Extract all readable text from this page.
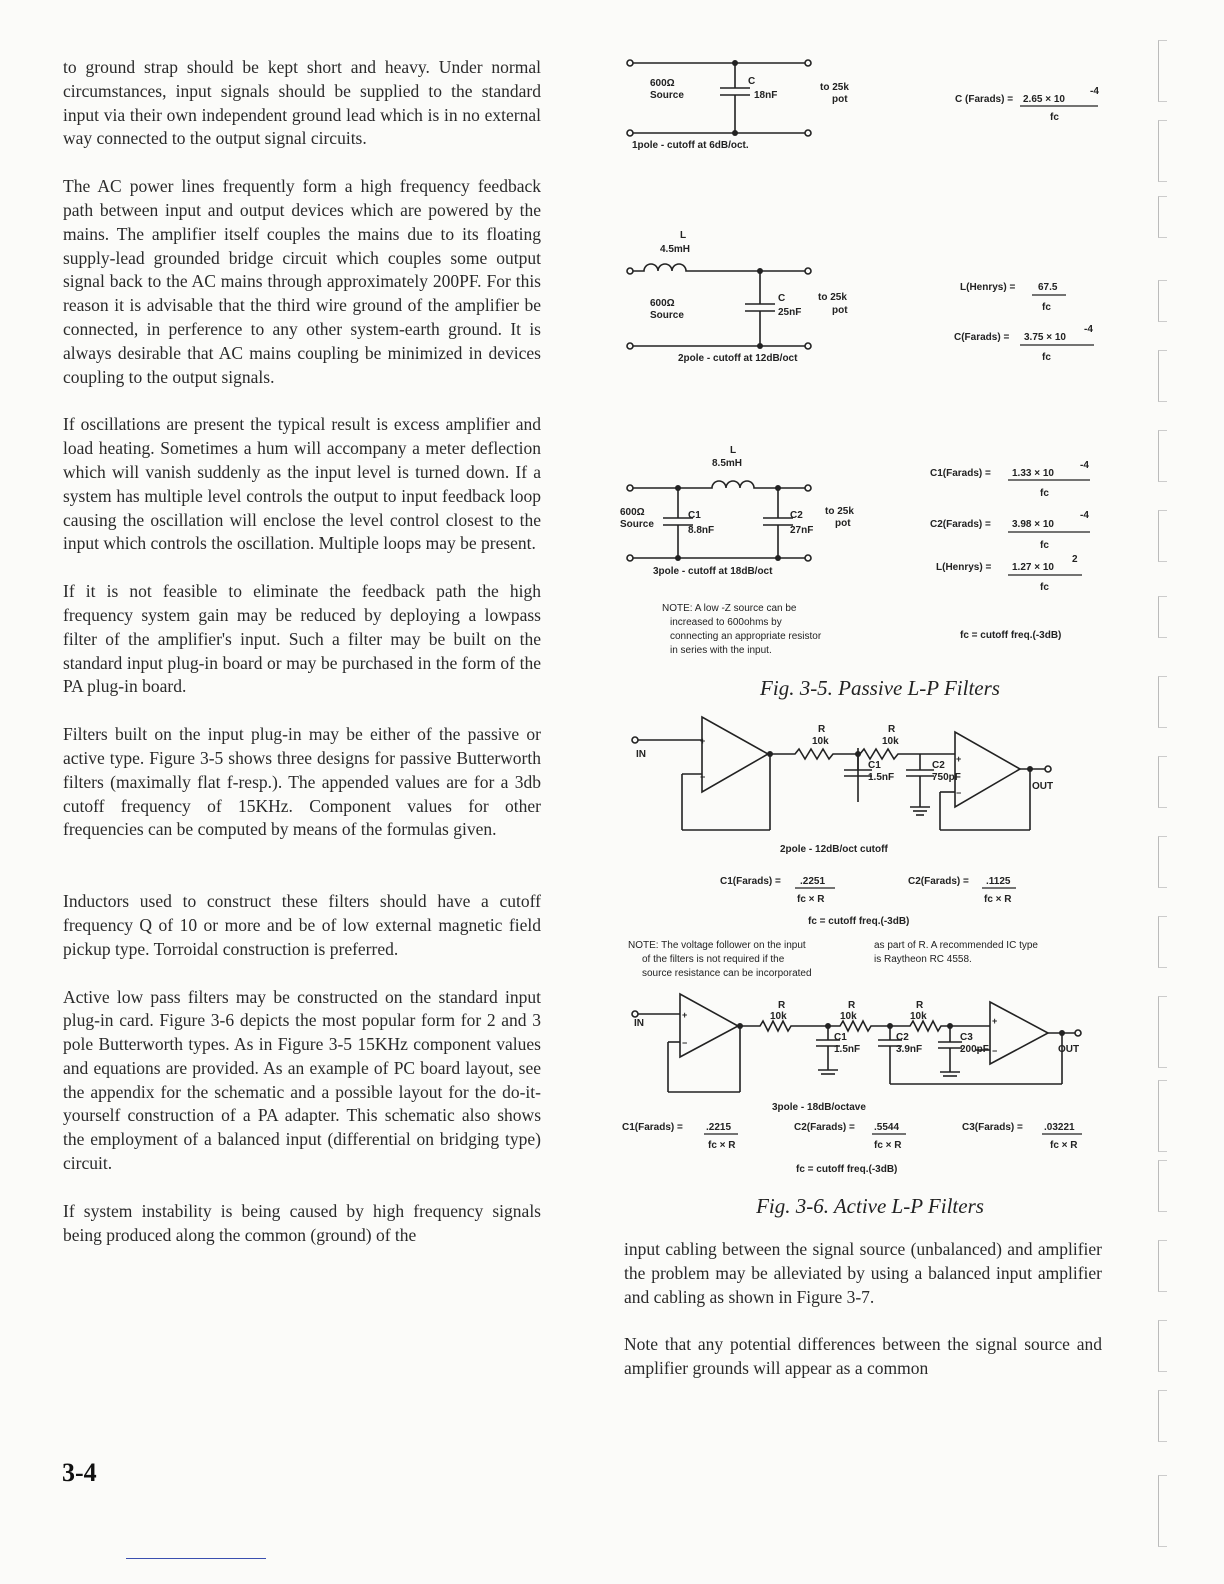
to ground strap should be kept short and heavy. Under normal circumstances, input signals should be supplied to the standard input via their own independent ground lead which is in no external way connected to the output signal circuits.

The AC power lines frequently form a high frequency feedback path between input and output devices which are powered by the mains. The amplifier itself couples the mains due to its floating supply-lead grounded bridge circuit which couples some output signal back to the AC mains through approximately 200PF. For this reason it is advisable that the third wire ground of the amplifier be connected, in perference to any other system-earth ground. It is always desirable that AC mains coupling be minimized in devices coupling to the output signals.

If oscillations are present the typical result is excess amplifier and load heating. Sometimes a hum will accompany a meter deflection which will vanish suddenly as the input level is turned down. If a system has multiple level controls the output to input feedback loop causing the oscillation will enclose the level control closest to the input which controls the oscillation. Multiple loops may be present.

If it is not feasible to eliminate the feedback path the high frequency system gain may be reduced by deploying a lowpass filter of the amplifier's input. Such a filter may be built on the standard input plug-in board or may be purchased in the form of the PA plug-in board.

Filters built on the input plug-in may be either of the passive or active type. Figure 3-5 shows three designs for passive Butterworth filters (maximally flat f-resp.). The appended values are for a 3db cutoff frequency of 15KHz. Component values for other frequencies can be computed by means of the formulas given.

Inductors used to construct these filters should have a cutoff frequency Q of 10 or more and be of low external magnetic field pickup type. Torroidal construction is preferred.

Active low pass filters may be constructed on the standard input plug-in card. Figure 3-6 depicts the most popular form for 2 and 3 pole Butterworth types. As in Figure 3-5 15KHz component values and equations are provided. As an example of PC board layout, see the appendix for the schematic and a possible layout for the do-it-yourself construction of a PA adapter. This schematic also shows the employment of a balanced input (differential on bridging type) circuit.

If system instability is being caused by high frequency signals being produced along the common (ground) of the

600Ω
Source
C
18nF
to 25k
pot
1pole - cutoff at 6dB/oct.
C (Farads) = 2.65 × 10
-4
fc
L
4.5mH
600Ω
Source
C
25nF
to 25k
pot
2pole - cutoff at 12dB/oct
L(Henrys) = 67.5
fc
C(Farads) = 3.75 × 10
-4
fc
L
8.5mH
600Ω
Source
C1
8.8nF
C2
27nF
to 25k
pot
3pole - cutoff at 18dB/oct
NOTE: A low -Z source can be
increased to 600ohms by
connecting an appropriate resistor
in series with the input.
C1(Farads) = 1.33 × 10
-4
fc
C2(Farads) = 3.98 × 10
-4
fc
L(Henrys) = 1.27 × 10
2
fc
fc = cutoff freq.(-3dB)
Fig. 3-5. Passive L-P Filters
+
−
+
−
+
−
+
−
IN
OUT
R
10k
R
10k
C1
1.5nF
C2
750pF
2pole - 12dB/oct cutoff
C1(Farads) = .2251
fc × R
C2(Farads) = .1125
fc × R
fc = cutoff freq.(-3dB)
NOTE: The voltage follower on the input
of the filters is not required if the
source resistance can be incorporated
as part of R. A recommended IC type
is Raytheon RC 4558.
IN
OUT
R
10k
R
10k
R
10k
C1
1.5nF
C2
3.9nF
C3
200pF
3pole - 18dB/octave
C1(Farads) = .2215
fc × R
C2(Farads) = .5544
fc × R
C3(Farads) = .03221
fc × R
fc = cutoff freq.(-3dB)
Fig. 3-6. Active L-P Filters

input cabling between the signal source (unbalanced) and amplifier the problem may be alleviated by using a balanced input amplifier and cabling as shown in Figure 3-7.

Note that any potential differences between the signal source and amplifier grounds will appear as a common

3-4
